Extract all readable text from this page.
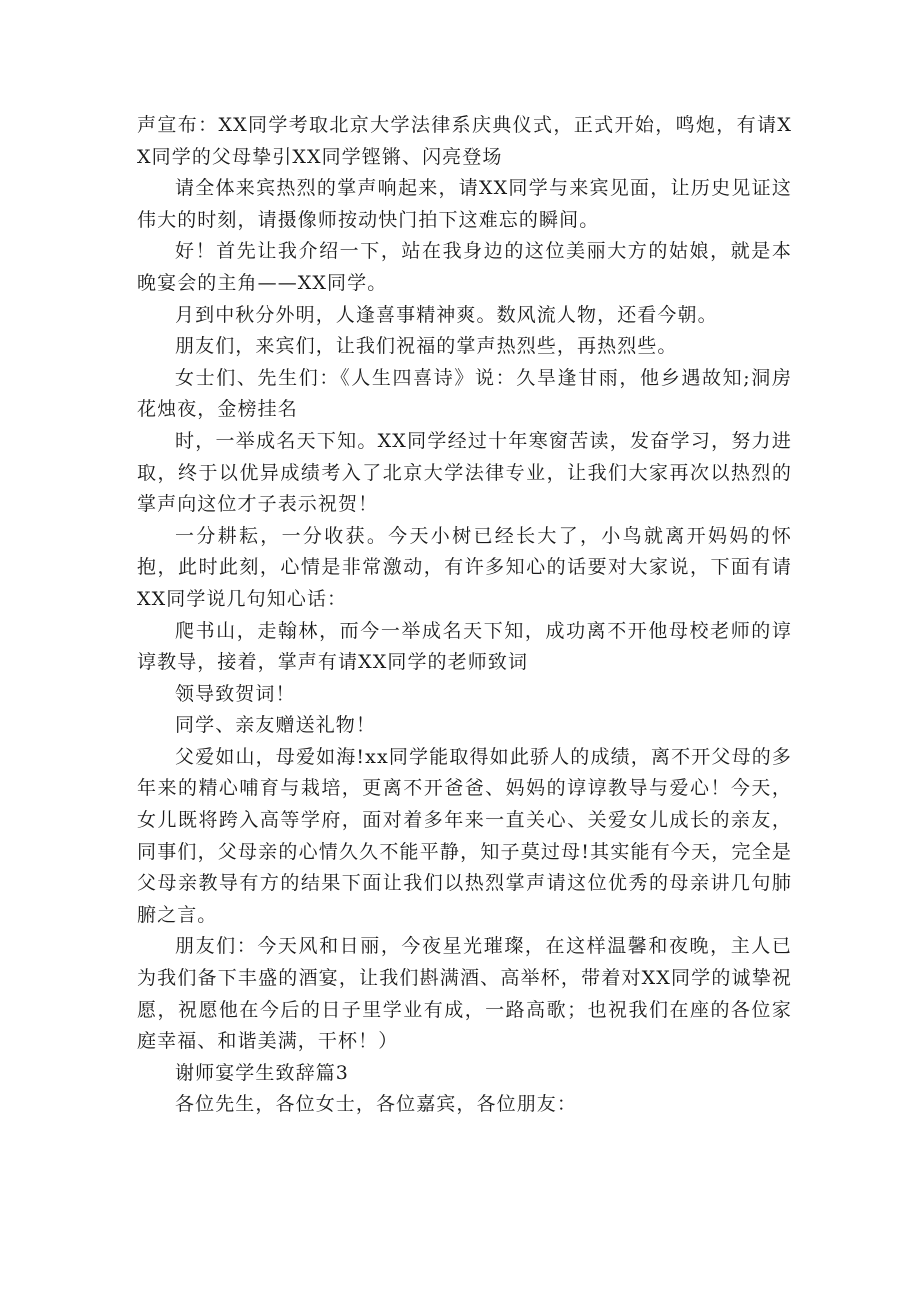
声宣布：XX同学考取北京大学法律系庆典仪式，正式开始，鸣炮，有请XX同学的父母挚引XX同学铿锵、闪亮登场

请全体来宾热烈的掌声响起来，请XX同学与来宾见面，让历史见证这伟大的时刻，请摄像师按动快门拍下这难忘的瞬间。

好！首先让我介绍一下，站在我身边的这位美丽大方的姑娘，就是本晚宴会的主角——XX同学。

月到中秋分外明，人逢喜事精神爽。数风流人物，还看今朝。

朋友们，来宾们，让我们祝福的掌声热烈些，再热烈些。

女士们、先生们：《人生四喜诗》说：久旱逢甘雨，他乡遇故知;洞房花烛夜，金榜挂名

时，一举成名天下知。XX同学经过十年寒窗苦读，发奋学习，努力进取，终于以优异成绩考入了北京大学法律专业，让我们大家再次以热烈的掌声向这位才子表示祝贺！

一分耕耘，一分收获。今天小树已经长大了，小鸟就离开妈妈的怀抱，此时此刻，心情是非常激动，有许多知心的话要对大家说，下面有请XX同学说几句知心话：

爬书山，走翰林，而今一举成名天下知，成功离不开他母校老师的谆谆教导，接着，掌声有请XX同学的老师致词

领导致贺词！

同学、亲友赠送礼物！

父爱如山，母爱如海!xx同学能取得如此骄人的成绩，离不开父母的多年来的精心哺育与栽培，更离不开爸爸、妈妈的谆谆教导与爱心！今天，女儿既将跨入高等学府，面对着多年来一直关心、关爱女儿成长的亲友，同事们，父母亲的心情久久不能平静，知子莫过母!其实能有今天，完全是父母亲教导有方的结果下面让我们以热烈掌声请这位优秀的母亲讲几句肺腑之言。

朋友们：今天风和日丽，今夜星光璀璨，在这样温馨和夜晚，主人已为我们备下丰盛的酒宴，让我们斟满酒、高举杯，带着对XX同学的诚挚祝愿，祝愿他在今后的日子里学业有成，一路高歌；也祝我们在座的各位家庭幸福、和谐美满，干杯！）

谢师宴学生致辞篇3

各位先生，各位女士，各位嘉宾，各位朋友：
